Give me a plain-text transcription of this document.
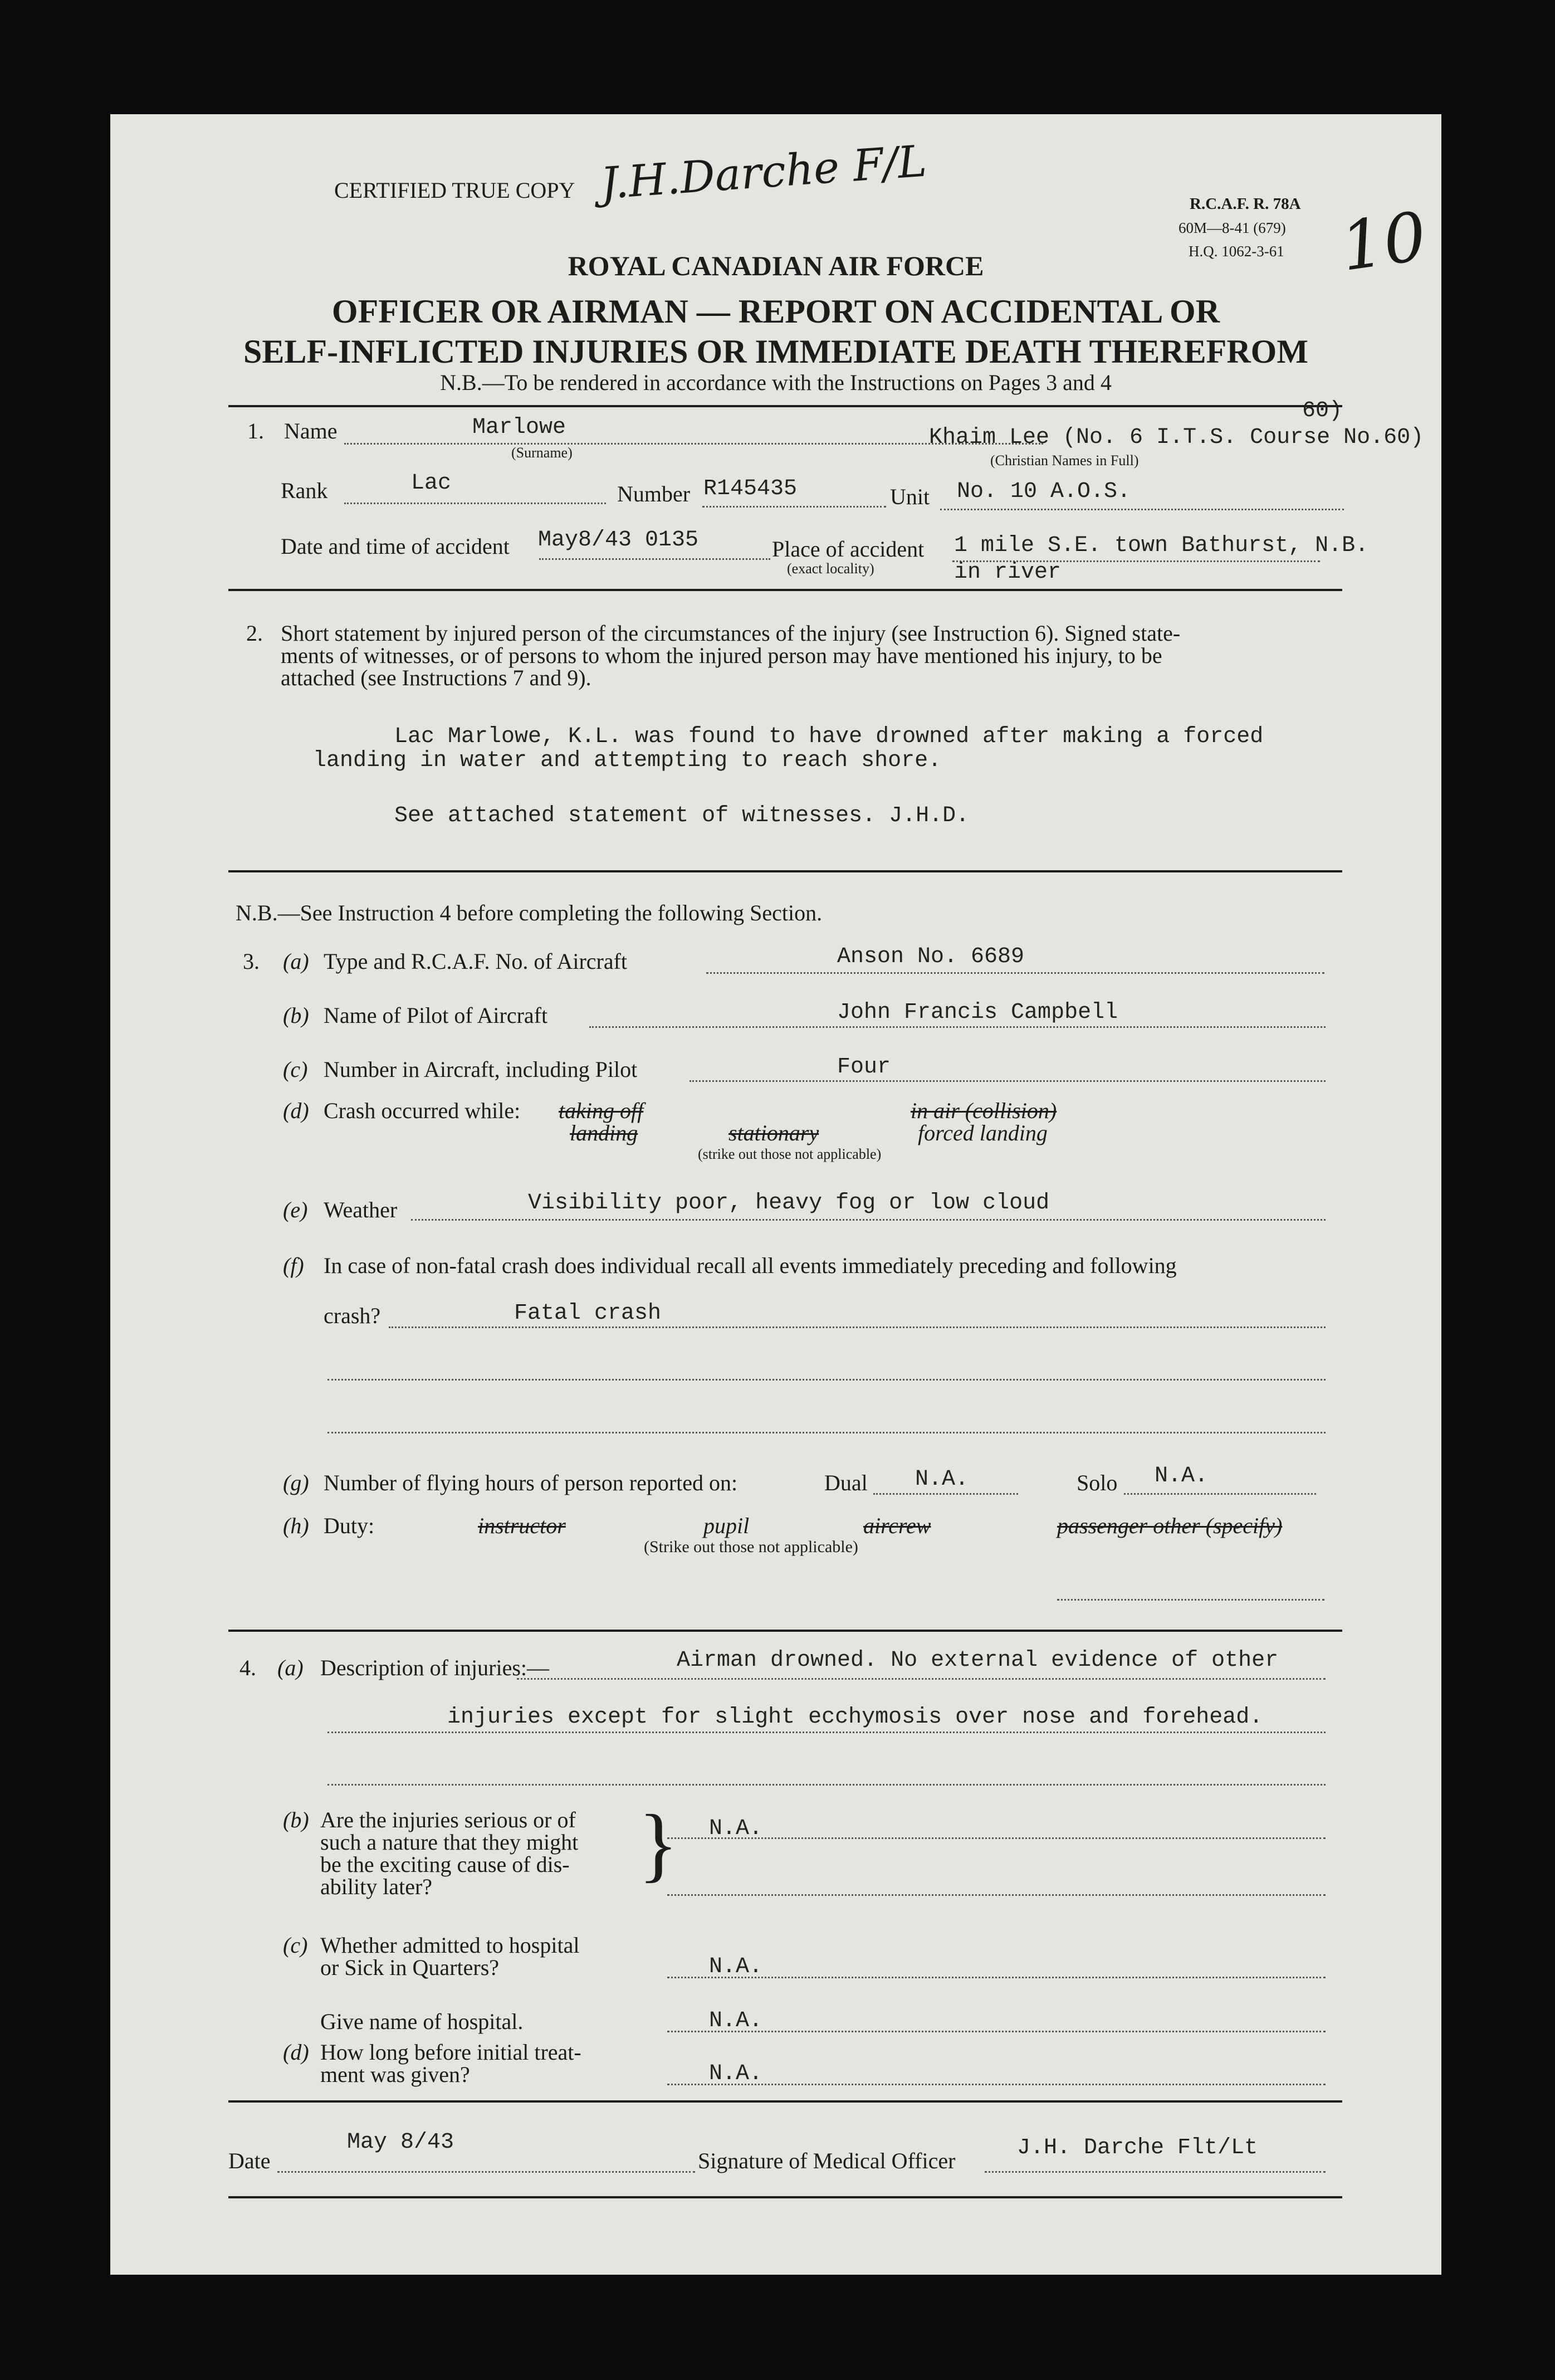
CERTIFIED TRUE COPY J.H.Darche F/L	R.C.A.F. R. 78A
60M—8-41 (679)
H.Q. 1062-3-61 10
ROYAL CANADIAN AIR FORCE
OFFICER OR AIRMAN — REPORT ON ACCIDENTAL OR
SELF-INFLICTED INJURIES OR IMMEDIATE DEATH THEREFROM
N.B.—To be rendered in accordance with the Instructions on Pages 3 and 4
1. Name	Marlowe
(Surname)
Khaim Lee (No. 6 I.T.S. Course No.60)
60)
(Christian Names in Full)
Rank	Lac	Number R145435	Unit No. 10 A.O.S.
Date and time of accident May8/43 0135	Place of accident
(exact locality)
1 mile S.E. town Bathurst, N.B.
in river
2. Short statement by injured person of the circumstances of the injury (see Instruction 6). Signed state-
ments of witnesses, or of persons to whom the injured person may have mentioned his injury, to be
attached (see Instructions 7 and 9).
Lac Marlowe, K.L. was found to have drowned after making a forced
landing in water and attempting to reach shore.
See attached statement of witnesses. J.H.D.
N.B.—See Instruction 4 before completing the following Section.
3. (a) Type and R.C.A.F. No. of Aircraft	Anson No. 6689
(b) Name of Pilot of Aircraft	John Francis Campbell
(c) Number in Aircraft, including Pilot	Four
(d) Crash occurred while: taking off	in air (collision)
landing	stationary	forced landing
(strike out those not applicable)
(e) Weather	Visibility poor, heavy fog or low cloud
(f) In case of non-fatal crash does individual recall all events immediately preceding and following
crash?	Fatal crash
(g) Number of flying hours of person reported on:	Dual N.A.	Solo N.A.
(h) Duty:	instructor	pupil	aircrew	passenger other (specify)
(Strike out those not applicable)
4. (a) Description of injuries:—	Airman drowned. No external evidence of other
injuries except for slight ecchymosis over nose and forehead.
(b) Are the injuries serious or of
such a nature that they might
be the exciting cause of dis-
ability later? } N.A.
(c) Whether admitted to hospital
or Sick in Quarters?	N.A.
Give name of hospital.	N.A.
(d) How long before initial treat-
ment was given?	N.A.
Date
May 8/43
Signature of Medical Officer
J.H. Darche Flt/Lt
